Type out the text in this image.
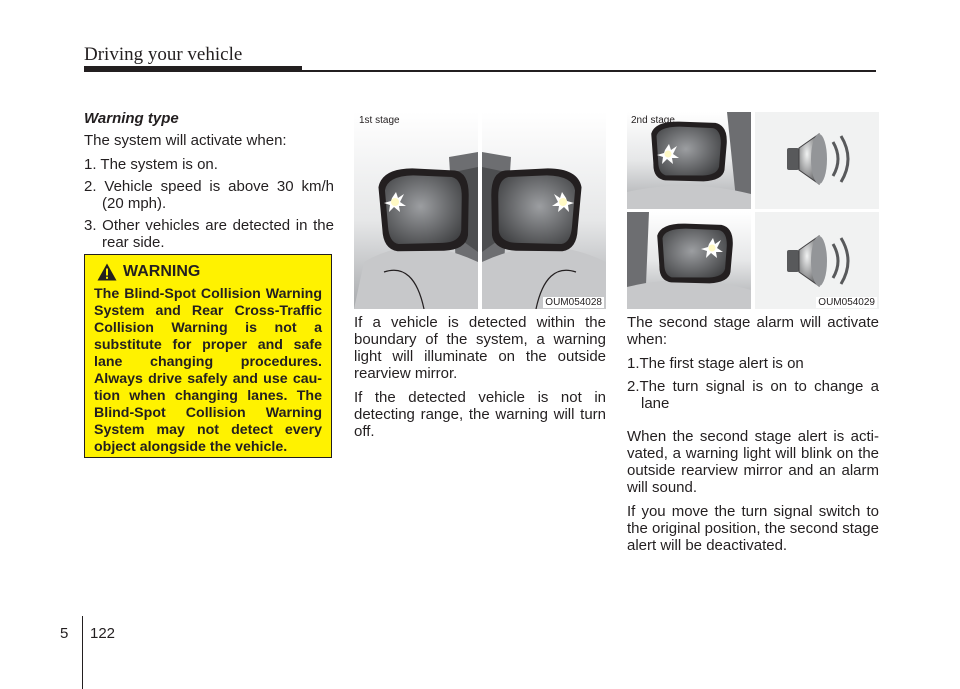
Driving your vehicle

Warning type

The system will activate when:

1. The system is on.

2. Vehicle speed is above 30 km/h (20 mph).

3. Other vehicles are detected in the rear side.

WARNING

The Blind-Spot Collision Warning System and Rear Cross-Traffic Collision Warning is not a substitute for proper and safe lane changing procedures. Always drive safely and use cau-tion when changing lanes. The Blind-Spot Collision Warning System may not detect every object alongside the vehicle.

1st stage
OUM054028
2nd stage
OUM054029

If a vehicle is detected within the boundary of the system, a warning light will illuminate on the outside rearview mirror.

If the detected vehicle is not in detecting range, the warning will turn off.

The second stage alarm will activate when:

1.The first stage alert is on

2.The turn signal is on to change a lane

When the second stage alert is acti-vated, a warning light will blink on the outside rearview mirror and an alarm will sound.

If you move the turn signal switch to the original position, the second stage alert will be deactivated.

5 122
